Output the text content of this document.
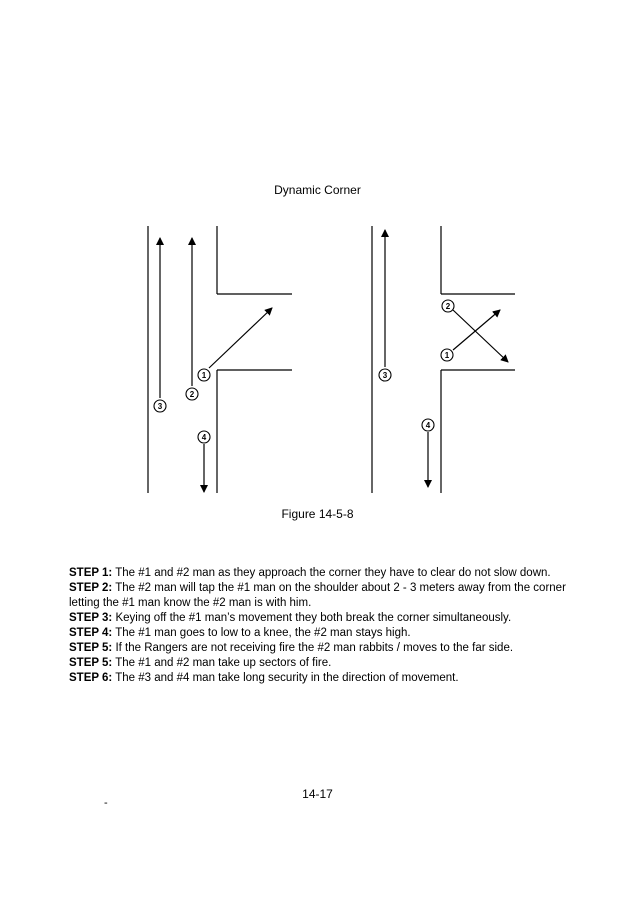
Dynamic Corner
1
2
3
4
2
1
3
4
Figure 14-5-8

STEP 1: The #1 and #2 man as they approach the corner they have to clear do not slow down.

STEP 2: The #2 man will tap the #1 man on the shoulder about 2 - 3 meters away from the corner letting the #1 man know the #2 man is with him.

STEP 3: Keying off the #1 man’s movement they both break the corner simultaneously.

STEP 4: The #1 man goes to low to a knee, the #2 man stays high.

STEP 5: If the Rangers are not receiving fire the #2 man rabbits / moves to the far side.

STEP 5: The #1 and #2 man take up sectors of fire.

STEP 6: The #3 and #4 man take long security in the direction of movement.

14-17
-
